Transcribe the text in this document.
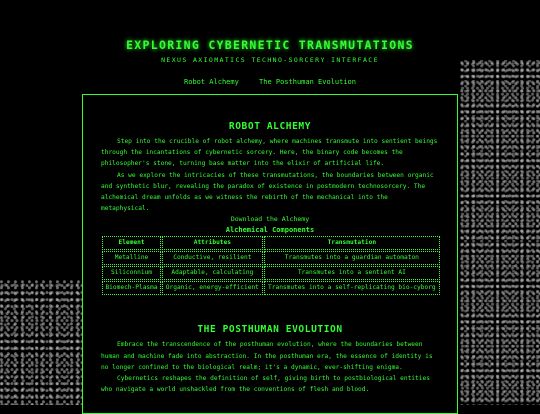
EXPLORING CYBERNETIC TRANSMUTATIONS
NEXUS AXIOMATICS TECHNO-SORCERY INTERFACE
Robot Alchemy	The Posthuman Evolution
ROBOT ALCHEMY

Step into the crucible of robot alchemy, where machines transmute into sentient beings through the incantations of cybernetic sorcery. Here, the binary code becomes the philosopher's stone, turning base matter into the elixir of artificial life.

As we explore the intricacies of these transmutations, the boundaries between organic and synthetic blur, revealing the paradox of existence in postmodern technosorcery. The alchemical dream unfolds as we witness the rebirth of the mechanical into the metaphysical.

Download the Alchemy
Alchemical Components
Element	Attributes	Transmutation
Metalline	Conductive, resilient	Transmutes into a guardian automaton
Siliconnium	Adaptable, calculating	Transmutes into a sentient AI
Biomech-Plasma	Organic, energy-efficient	Transmutes into a self-replicating bio-cyborg
THE POSTHUMAN EVOLUTION

Embrace the transcendence of the posthuman evolution, where the boundaries between human and machine fade into abstraction. In the posthuman era, the essence of identity is no longer confined to the biological realm; it's a dynamic, ever-shifting enigma.

Cybernetics reshapes the definition of self, giving birth to postbiological entities who navigate a world unshackled from the conventions of flesh and blood.
